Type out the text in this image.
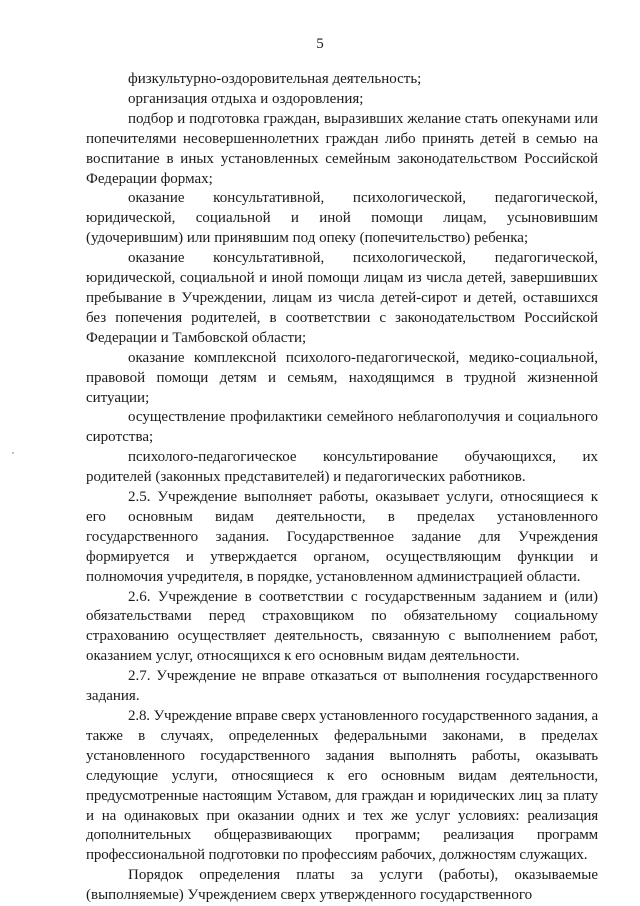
5

физкультурно-оздоровительная деятельность;

организация отдыха и оздоровления;

подбор и подготовка граждан, выразивших желание стать опекунами или попечителями несовершеннолетних граждан либо принять детей в семью на воспитание в иных установленных семейным законодательством Российской Федерации формах;

оказание консультативной, психологической, педагогической, юридической, социальной и иной помощи лицам, усыновившим (удочерившим) или принявшим под опеку (попечительство) ребенка;

оказание консультативной, психологической, педагогической, юридической, социальной и иной помощи лицам из числа детей, завершивших пребывание в Учреждении, лицам из числа детей-сирот и детей, оставшихся без попечения родителей, в соответствии с законодательством Российской Федерации и Тамбовской области;

оказание комплексной психолого-педагогической, медико-социальной, правовой помощи детям и семьям, находящимся в трудной жизненной ситуации;

осуществление профилактики семейного неблагополучия и социального сиротства;

психолого-педагогическое консультирование обучающихся, их родителей (законных представителей) и педагогических работников.

2.5. Учреждение выполняет работы, оказывает услуги, относящиеся к его основным видам деятельности, в пределах установленного государственного задания. Государственное задание для Учреждения формируется и утверждается органом, осуществляющим функции и полномочия учредителя, в порядке, установленном администрацией области.

2.6. Учреждение в соответствии с государственным заданием и (или) обязательствами перед страховщиком по обязательному социальному страхованию осуществляет деятельность, связанную с выполнением работ, оказанием услуг, относящихся к его основным видам деятельности.

2.7. Учреждение не вправе отказаться от выполнения государственного задания.

2.8. Учреждение вправе сверх установленного государственного задания, а также в случаях, определенных федеральными законами, в пределах установленного государственного задания выполнять работы, оказывать следующие услуги, относящиеся к его основным видам деятельности, предусмотренные настоящим Уставом, для граждан и юридических лиц за плату и на одинаковых при оказании одних и тех же услуг условиях: реализация дополнительных общеразвивающих программ; реализация программ профессиональной подготовки по профессиям рабочих, должностям служащих.

Порядок определения платы за услуги (работы), оказываемые (выполняемые) Учреждением сверх утвержденного государственного
